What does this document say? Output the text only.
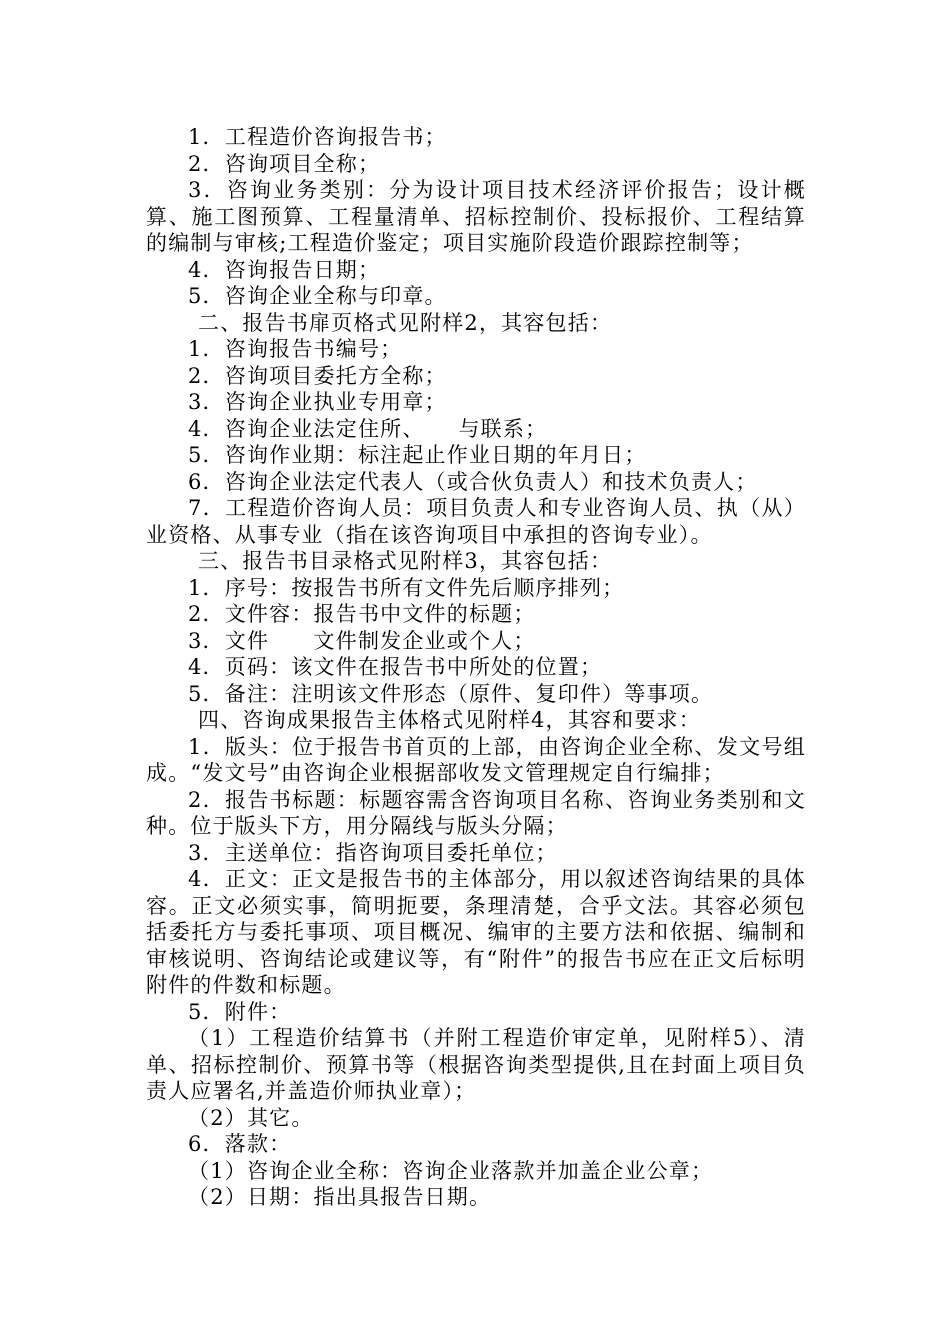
1．工程造价咨询报告书；

2．咨询项目全称；

3．咨询业务类别：分为设计项目技术经济评价报告；设计概算、施工图预算、工程量清单、招标控制价、投标报价、工程结算的编制与审核;工程造价鉴定；项目实施阶段造价跟踪控制等；

4．咨询报告日期；

5．咨询企业全称与印章。

二、报告书扉页格式见附样2，其容包括：

1．咨询报告书编号；

2．咨询项目委托方全称；

3．咨询企业执业专用章；

4．咨询企业法定住所、　　与联系；

5．咨询作业期：标注起止作业日期的年月日；

6．咨询企业法定代表人（或合伙负责人）和技术负责人；

7．工程造价咨询人员：项目负责人和专业咨询人员、执（从）业资格、从事专业（指在该咨询项目中承担的咨询专业）。

三、报告书目录格式见附样3，其容包括：

1．序号：按报告书所有文件先后顺序排列；

2．文件容：报告书中文件的标题；

3．文件　　文件制发企业或个人；

4．页码：该文件在报告书中所处的位置；

5．备注：注明该文件形态（原件、复印件）等事项。

四、咨询成果报告主体格式见附样4，其容和要求：

1．版头：位于报告书首页的上部，由咨询企业全称、发文号组成。“发文号”由咨询企业根据部收发文管理规定自行编排；

2．报告书标题：标题容需含咨询项目名称、咨询业务类别和文种。位于版头下方，用分隔线与版头分隔；

3．主送单位：指咨询项目委托单位；

4．正文：正文是报告书的主体部分，用以叙述咨询结果的具体容。正文必须实事，简明扼要，条理清楚，合乎文法。其容必须包括委托方与委托事项、项目概况、编审的主要方法和依据、编制和审核说明、咨询结论或建议等，有“附件”的报告书应在正文后标明附件的件数和标题。

5．附件：

（1）工程造价结算书（并附工程造价审定单，见附样5）、清单、招标控制价、预算书等（根据咨询类型提供,且在封面上项目负责人应署名,并盖造价师执业章）；

（2）其它。

6．落款：

（1）咨询企业全称：咨询企业落款并加盖企业公章；

（2）日期：指出具报告日期。
